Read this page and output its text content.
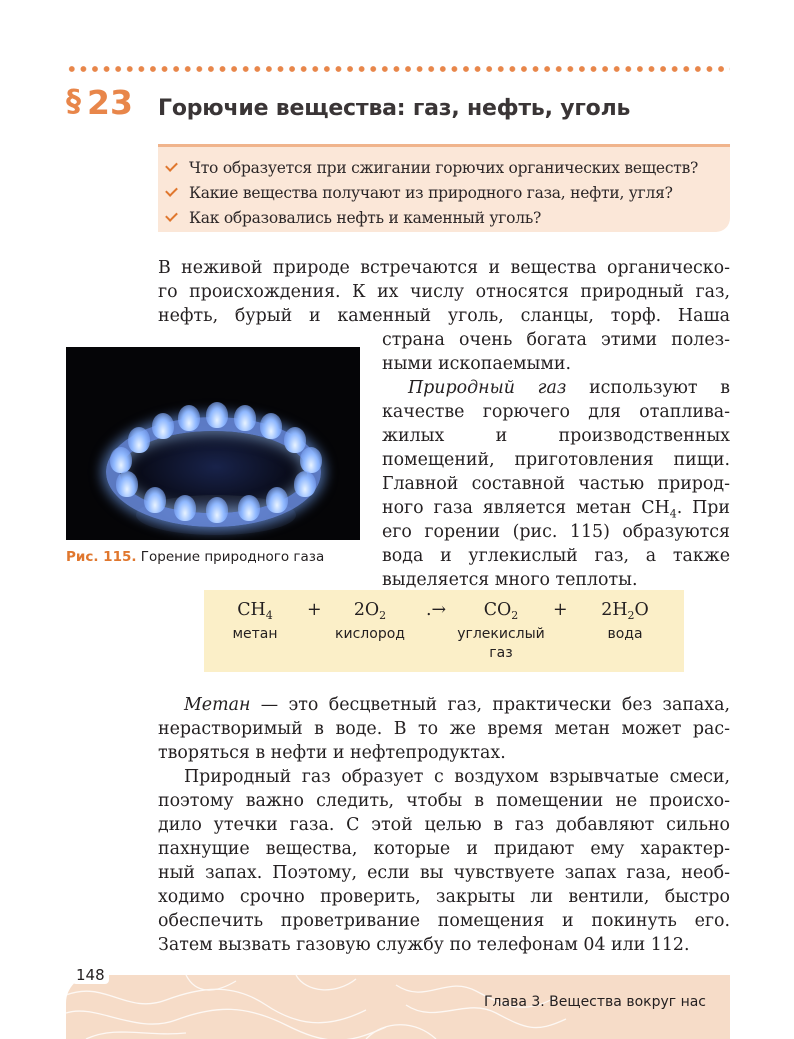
§ 23 Горючие вещества: газ, нефть, уголь
Что образуется при сжигании горючих органических веществ?
Какие вещества получают из природного газа, нефти, угля?
Как образовались нефть и каменный уголь?

В неживой природе встречаются и вещества органическо-

го происхождения. К их числу относятся природный газ,

нефть, бурый и каменный уголь, сланцы, торф. Наша

страна очень богата этими полез-

ными ископаемыми.

Природный газ используют в

качестве горючего для отаплива-

жилых и производственных

помещений, приготовления пищи.

Главной составной частью природ-

ного газа является метан $CH_4$. При

его горении (рис. 115) образуются

вода и углекислый газ, а также

выделяется много теплоты.

Рис. 115. Горение природного газа

$CH_4$
метан
+	$2O_2$
кислород
.→	$CO_2$
углекислый
газ
+	$2H_2O$
вода

Метан — это бесцветный газ, практически без запаха,

нерастворимый в воде. В то же время метан может рас-

творяться в нефти и нефтепродуктах.

Природный газ образует с воздухом взрывчатые смеси,

поэтому важно следить, чтобы в помещении не происхо-

дило утечки газа. С этой целью в газ добавляют сильно

пахнущие вещества, которые и придают ему характер-

ный запах. Поэтому, если вы чувствуете запах газа, необ-

ходимо срочно проверить, закрыты ли вентили, быстро

обеспечить проветривание помещения и покинуть его.

Затем вызвать газовую службу по телефонам 04 или 112.

148
Глава 3. Вещества вокруг нас
